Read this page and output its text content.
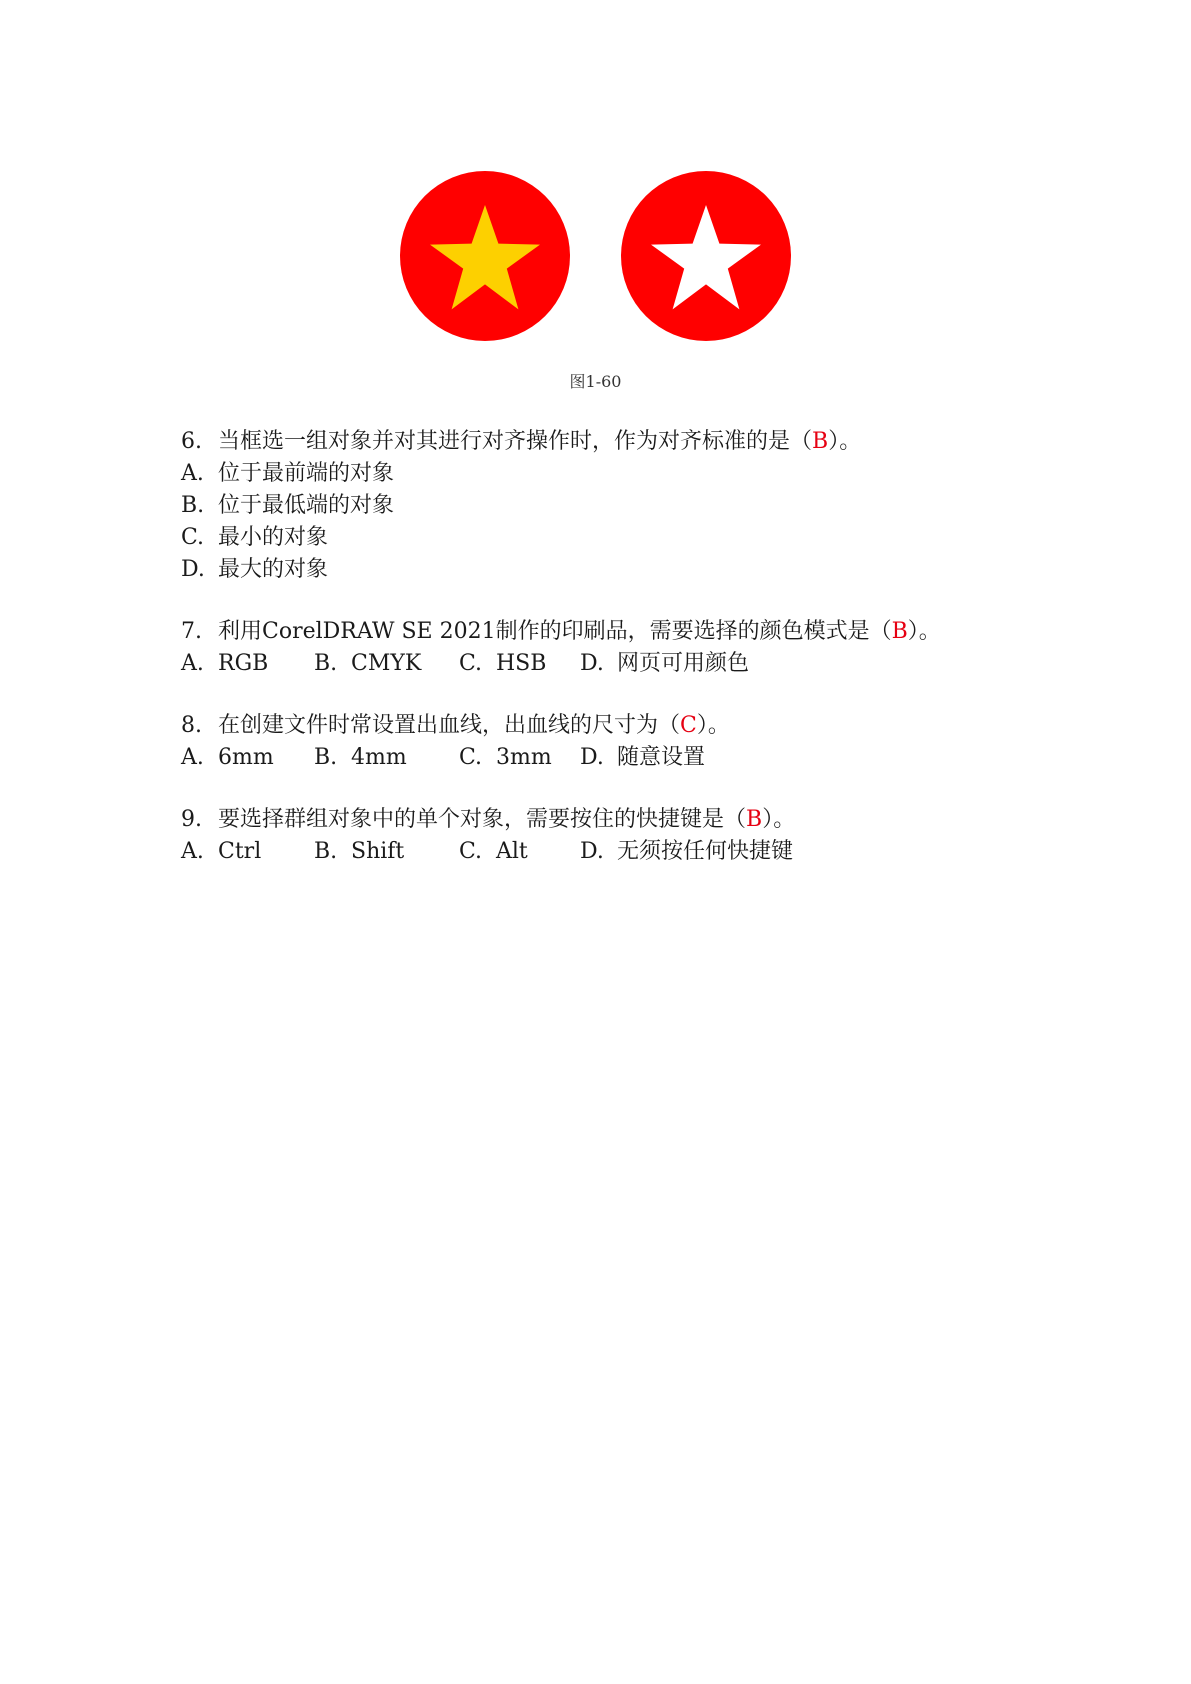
图1-60
6. 当框选一组对象并对其进行对齐操作时，作为对齐标准的是（B）。
A. 位于最前端的对象
B. 位于最低端的对象
C. 最小的对象
D. 最大的对象
7. 利用CorelDRAW SE 2021制作的印刷品，需要选择的颜色模式是（B）。
A. RGB	B. CMYK	C. HSB	D. 网页可用颜色
8. 在创建文件时常设置出血线，出血线的尺寸为（C）。
A. 6mm	B. 4mm	C. 3mm	D. 随意设置
9. 要选择群组对象中的单个对象，需要按住的快捷键是（B）。
A. Ctrl	B. Shift	C. Alt	D. 无须按任何快捷键
